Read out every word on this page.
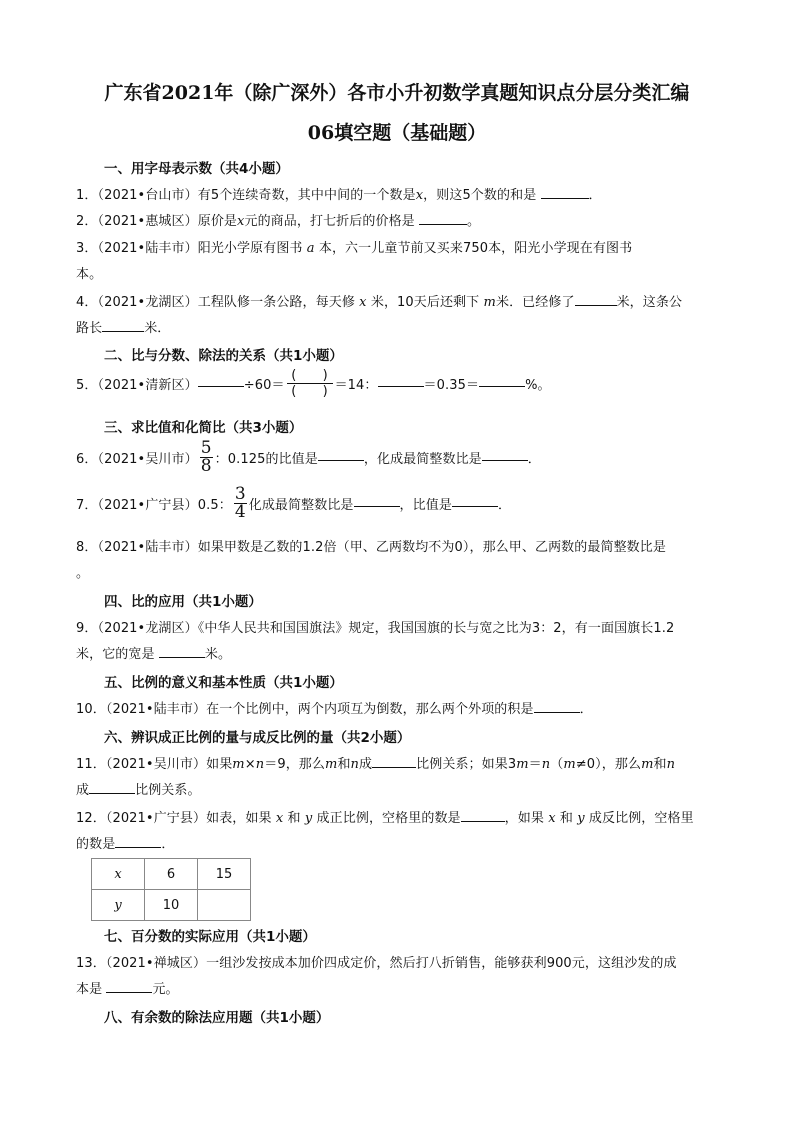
广东省2021年（除广深外）各市小升初数学真题知识点分层分类汇编
06填空题（基础题）
一、用字母表示数（共4小题）
1．（2021•台山市）有5个连续奇数，其中中间的一个数是x，则这5个数的和是	．
2．（2021•惠城区）原价是x元的商品，打七折后的价格是	。
3．（2021•陆丰市）阳光小学原有图书 a 本，六一儿童节前又买来750本，阳光小学现在有图书
本。
4．（2021•龙湖区）工程队修一条公路，每天修 x 米，10天后还剩下 m米．已经修了	米，这条公
路长	米．
二、比与分数、除法的关系（共1小题）
5．（2021•清新区）	÷60＝
(　　)
(　　) ＝14：	＝0.35＝	%。
三、求比值和化简比（共3小题）
6．（2021•吴川市） $\frac{5}{8}$ ：0.125的比值是	，化成最简整数比是	．
7．（2021•广宁县）0.5： $\frac{3}{4}$ 化成最简整数比是	，比值是	．
8．（2021•陆丰市）如果甲数是乙数的1.2倍（甲、乙两数均不为0），那么甲、乙两数的最简整数比是
。
四、比的应用（共1小题）
9．（2021•龙湖区）《中华人民共和国国旗法》规定，我国国旗的长与宽之比为3：2，有一面国旗长1.2
米，它的宽是	米。
五、比例的意义和基本性质（共1小题）
10．（2021•陆丰市）在一个比例中，两个内项互为倒数，那么两个外项的积是	．
六、辨识成正比例的量与成反比例的量（共2小题）
11．（2021•吴川市）如果m×n＝9，那么m和n成	比例关系；如果3m＝n（m≠0），那么m和n
成	比例关系。
12．（2021•广宁县）如表，如果 x 和 y 成正比例，空格里的数是	，如果 x 和 y 成反比例，空格里
的数是	．
x	6	15
y	10	
七、百分数的实际应用（共1小题）
13．（2021•禅城区）一组沙发按成本加价四成定价，然后打八折销售，能够获利900元，这组沙发的成
本是	元。
八、有余数的除法应用题（共1小题）
